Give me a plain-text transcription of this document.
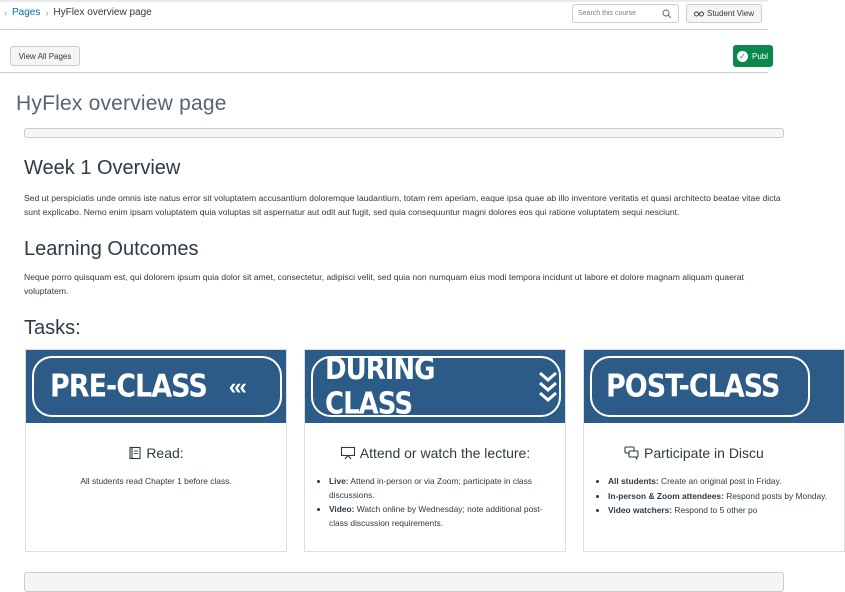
› Pages › HyFlex overview page	Search this course	Student View
View All Pages	✓ Publ
HyFlex overview page
Week 1 Overview

Sed ut perspiciatis unde omnis iste natus error sit voluptatem accusantium doloremque laudantium, totam rem aperiam, eaque ipsa quae ab illo inventore veritatis et quasi architecto beatae vitae dicta sunt explicabo. Nemo enim ipsam voluptatem quia voluptas sit aspernatur aut odit aut fugit, sed quia consequuntur magni dolores eos qui ratione voluptatem sequi nesciunt.

Learning Outcomes

Neque porro quisquam est, qui dolorem ipsum quia dolor sit amet, consectetur, adipisci velit, sed quia non numquam eius modi tempora incidunt ut labore et dolore magnam aliquam quaerat voluptatem.

Tasks:
PRE-CLASS ‹‹‹
Read:
All students read Chapter 1 before class.
DURING CLASS
Attend or watch the lecture:
• Live: Attend in-person or via Zoom; participate in class discussions.
• Video: Watch online by Wednesday; note additional post-class discussion requirements.
POST-CLASS
Participate in Discu
• All students: Create an original post in Friday.
• In-person & Zoom attendees: Respond posts by Monday.
• Video watchers: Respond to 5 other po
